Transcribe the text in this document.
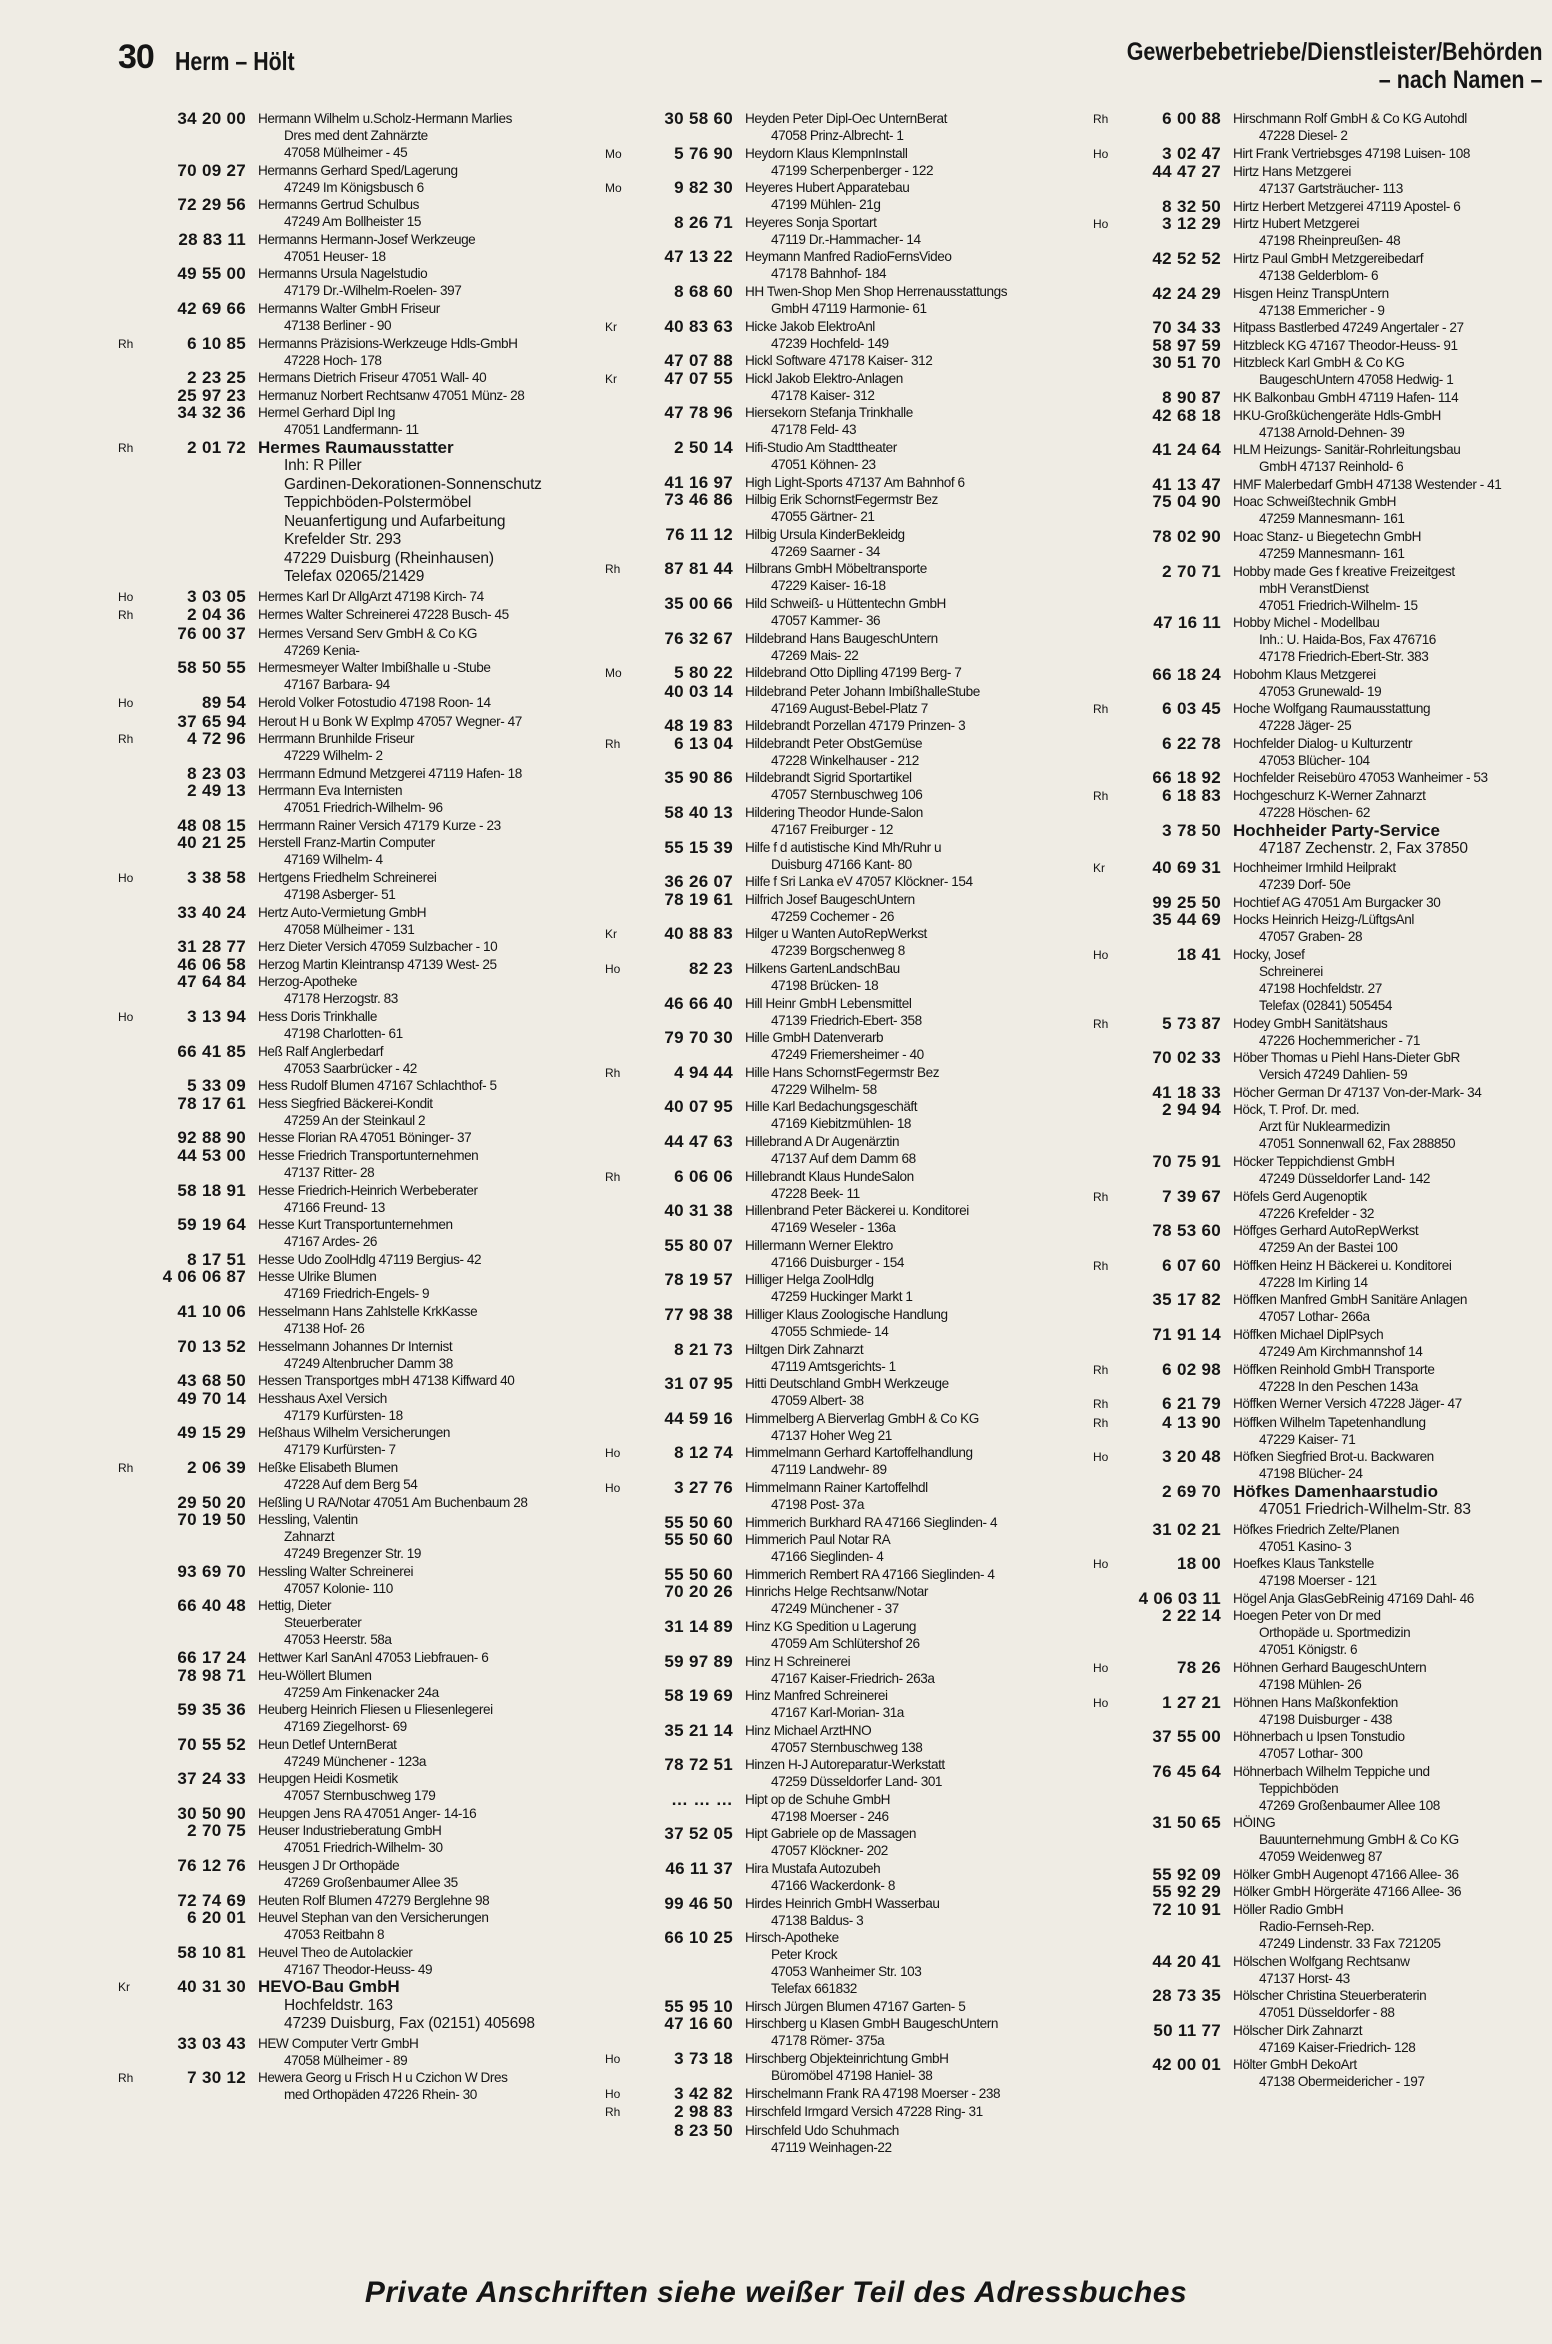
30 Herm – Hölt	Gewerbebetriebe/Dienstleister/Behörden
– nach Namen –
34 20 00 Hermann Wilhelm u.Scholz-Hermann Marlies
Dres med dent Zahnärzte
47058 Mülheimer - 45
70 09 27 Hermanns Gerhard Sped/Lagerung
47249 Im Königsbusch 6
72 29 56 Hermanns Gertrud Schulbus
47249 Am Bollheister 15
28 83 11 Hermanns Hermann-Josef Werkzeuge
47051 Heuser- 18
49 55 00 Hermanns Ursula Nagelstudio
47179 Dr.-Wilhelm-Roelen- 397
42 69 66 Hermanns Walter GmbH Friseur
47138 Berliner - 90
Rh	6 10 85 Hermanns Präzisions-Werkzeuge Hdls-GmbH
47228 Hoch- 178
2 23 25 Hermans Dietrich Friseur 47051 Wall- 40
25 97 23 Hermanuz Norbert Rechtsanw 47051 Münz- 28
34 32 36 Hermel Gerhard Dipl Ing
47051 Landfermann- 11
Rh	2 01 72 Hermes Raumausstatter
Inh: R Piller
Gardinen-Dekorationen-Sonnenschutz
Teppichböden-Polstermöbel
Neuanfertigung und Aufarbeitung
Krefelder Str. 293
47229 Duisburg (Rheinhausen)
Telefax 02065/21429
Ho	3 03 05 Hermes Karl Dr AllgArzt 47198 Kirch- 74
Rh	2 04 36 Hermes Walter Schreinerei 47228 Busch- 45
76 00 37 Hermes Versand Serv GmbH & Co KG
47269 Kenia-
58 50 55 Hermesmeyer Walter Imbißhalle u -Stube
47167 Barbara- 94
Ho	89 54 Herold Volker Fotostudio 47198 Roon- 14
37 65 94 Herout H u Bonk W Explmp 47057 Wegner- 47
Rh	4 72 96 Herrmann Brunhilde Friseur
47229 Wilhelm- 2
8 23 03 Herrmann Edmund Metzgerei 47119 Hafen- 18
2 49 13 Herrmann Eva Internisten
47051 Friedrich-Wilhelm- 96
48 08 15 Herrmann Rainer Versich 47179 Kurze - 23
40 21 25 Herstell Franz-Martin Computer
47169 Wilhelm- 4
Ho	3 38 58 Hertgens Friedhelm Schreinerei
47198 Asberger- 51
33 40 24 Hertz Auto-Vermietung GmbH
47058 Mülheimer - 131
31 28 77 Herz Dieter Versich 47059 Sulzbacher - 10
46 06 58 Herzog Martin Kleintransp 47139 West- 25
47 64 84 Herzog-Apotheke
47178 Herzogstr. 83
Ho	3 13 94 Hess Doris Trinkhalle
47198 Charlotten- 61
66 41 85 Heß Ralf Anglerbedarf
47053 Saarbrücker - 42
5 33 09 Hess Rudolf Blumen 47167 Schlachthof- 5
78 17 61 Hess Siegfried Bäckerei-Kondit
47259 An der Steinkaul 2
92 88 90 Hesse Florian RA 47051 Böninger- 37
44 53 00 Hesse Friedrich Transportunternehmen
47137 Ritter- 28
58 18 91 Hesse Friedrich-Heinrich Werbeberater
47166 Freund- 13
59 19 64 Hesse Kurt Transportunternehmen
47167 Ardes- 26
8 17 51 Hesse Udo ZoolHdlg 47119 Bergius- 42
4 06 06 87 Hesse Ulrike Blumen
47169 Friedrich-Engels- 9
41 10 06 Hesselmann Hans Zahlstelle KrkKasse
47138 Hof- 26
70 13 52 Hesselmann Johannes Dr Internist
47249 Altenbrucher Damm 38
43 68 50 Hessen Transportges mbH 47138 Kiffward 40
49 70 14 Hesshaus Axel Versich
47179 Kurfürsten- 18
49 15 29 Heßhaus Wilhelm Versicherungen
47179 Kurfürsten- 7
Rh	2 06 39 Heßke Elisabeth Blumen
47228 Auf dem Berg 54
29 50 20 Heßling U RA/Notar 47051 Am Buchenbaum 28
70 19 50 Hessling, Valentin
Zahnarzt
47249 Bregenzer Str. 19
93 69 70 Hessling Walter Schreinerei
47057 Kolonie- 110
66 40 48 Hettig, Dieter
Steuerberater
47053 Heerstr. 58a
66 17 24 Hettwer Karl SanAnl 47053 Liebfrauen- 6
78 98 71 Heu-Wöllert Blumen
47259 Am Finkenacker 24a
59 35 36 Heuberg Heinrich Fliesen u Fliesenlegerei
47169 Ziegelhorst- 69
70 55 52 Heun Detlef UnternBerat
47249 Münchener - 123a
37 24 33 Heupgen Heidi Kosmetik
47057 Sternbuschweg 179
30 50 90 Heupgen Jens RA 47051 Anger- 14-16
2 70 75 Heuser Industrieberatung GmbH
47051 Friedrich-Wilhelm- 30
76 12 76 Heusgen J Dr Orthopäde
47269 Großenbaumer Allee 35
72 74 69 Heuten Rolf Blumen 47279 Berglehne 98
6 20 01 Heuvel Stephan van den Versicherungen
47053 Reitbahn 8
58 10 81 Heuvel Theo de Autolackier
47167 Theodor-Heuss- 49
Kr	40 31 30 HEVO-Bau GmbH
Hochfeldstr. 163
47239 Duisburg, Fax (02151) 405698
33 03 43 HEW Computer Vertr GmbH
47058 Mülheimer - 89
Rh	7 30 12 Hewera Georg u Frisch H u Czichon W Dres
med Orthopäden 47226 Rhein- 30
30 58 60 Heyden Peter Dipl-Oec UnternBerat
47058 Prinz-Albrecht- 1
Mo	5 76 90 Heydorn Klaus KlempnInstall
47199 Scherpenberger - 122
Mo	9 82 30 Heyeres Hubert Apparatebau
47199 Mühlen- 21g
8 26 71 Heyeres Sonja Sportart
47119 Dr.-Hammacher- 14
47 13 22 Heymann Manfred RadioFernsVideo
47178 Bahnhof- 184
8 68 60 HH Twen-Shop Men Shop Herrenausstattungs
GmbH 47119 Harmonie- 61
Kr	40 83 63 Hicke Jakob ElektroAnl
47239 Hochfeld- 149
47 07 88 Hickl Software 47178 Kaiser- 312
Kr	47 07 55 Hickl Jakob Elektro-Anlagen
47178 Kaiser- 312
47 78 96 Hiersekorn Stefanja Trinkhalle
47178 Feld- 43
2 50 14 Hifi-Studio Am Stadttheater
47051 Köhnen- 23
41 16 97 High Light-Sports 47137 Am Bahnhof 6
73 46 86 Hilbig Erik SchornstFegermstr Bez
47055 Gärtner- 21
76 11 12 Hilbig Ursula KinderBekleidg
47269 Saarner - 34
Rh	87 81 44 Hilbrans GmbH Möbeltransporte
47229 Kaiser- 16-18
35 00 66 Hild Schweiß- u Hüttentechn GmbH
47057 Kammer- 36
76 32 67 Hildebrand Hans BaugeschUntern
47269 Mais- 22
Mo	5 80 22 Hildebrand Otto Diplling 47199 Berg- 7
40 03 14 Hildebrand Peter Johann ImbißhalleStube
47169 August-Bebel-Platz 7
48 19 83 Hildebrandt Porzellan 47179 Prinzen- 3
Rh	6 13 04 Hildebrandt Peter ObstGemüse
47228 Winkelhauser - 212
35 90 86 Hildebrandt Sigrid Sportartikel
47057 Sternbuschweg 106
58 40 13 Hildering Theodor Hunde-Salon
47167 Freiburger - 12
55 15 39 Hilfe f d autistische Kind Mh/Ruhr u
Duisburg 47166 Kant- 80
36 26 07 Hilfe f Sri Lanka eV 47057 Klöckner- 154
78 19 61 Hilfrich Josef BaugeschUntern
47259 Cochemer - 26
Kr	40 88 83 Hilger u Wanten AutoRepWerkst
47239 Borgschenweg 8
Ho	82 23 Hilkens GartenLandschBau
47198 Brücken- 18
46 66 40 Hill Heinr GmbH Lebensmittel
47139 Friedrich-Ebert- 358
79 70 30 Hille GmbH Datenverarb
47249 Friemersheimer - 40
Rh	4 94 44 Hille Hans SchornstFegermstr Bez
47229 Wilhelm- 58
40 07 95 Hille Karl Bedachungsgeschäft
47169 Kiebitzmühlen- 18
44 47 63 Hillebrand A Dr Augenärztin
47137 Auf dem Damm 68
Rh	6 06 06 Hillebrandt Klaus HundeSalon
47228 Beek- 11
40 31 38 Hillenbrand Peter Bäckerei u. Konditorei
47169 Weseler - 136a
55 80 07 Hillermann Werner Elektro
47166 Duisburger - 154
78 19 57 Hilliger Helga ZoolHdlg
47259 Huckinger Markt 1
77 98 38 Hilliger Klaus Zoologische Handlung
47055 Schmiede- 14
8 21 73 Hiltgen Dirk Zahnarzt
47119 Amtsgerichts- 1
31 07 95 Hitti Deutschland GmbH Werkzeuge
47059 Albert- 38
44 59 16 Himmelberg A Bierverlag GmbH & Co KG
47137 Hoher Weg 21
Ho	8 12 74 Himmelmann Gerhard Kartoffelhandlung
47119 Landwehr- 89
Ho	3 27 76 Himmelmann Rainer Kartoffelhdl
47198 Post- 37a
55 50 60 Himmerich Burkhard RA 47166 Sieglinden- 4
55 50 60 Himmerich Paul Notar RA
47166 Sieglinden- 4
55 50 60 Himmerich Rembert RA 47166 Sieglinden- 4
70 20 26 Hinrichs Helge Rechtsanw/Notar
47249 Münchener - 37
31 14 89 Hinz KG Spedition u Lagerung
47059 Am Schlütershof 26
59 97 89 Hinz H Schreinerei
47167 Kaiser-Friedrich- 263a
58 19 69 Hinz Manfred Schreinerei
47167 Karl-Morian- 31a
35 21 14 Hinz Michael ArztHNO
47057 Sternbuschweg 138
78 72 51 Hinzen H-J Autoreparatur-Werkstatt
47259 Düsseldorfer Land- 301
… … … Hipt op de Schuhe GmbH
47198 Moerser - 246
37 52 05 Hipt Gabriele op de Massagen
47057 Klöckner- 202
46 11 37 Hira Mustafa Autozubeh
47166 Wackerdonk- 8
99 46 50 Hirdes Heinrich GmbH Wasserbau
47138 Baldus- 3
66 10 25 Hirsch-Apotheke
Peter Krock
47053 Wanheimer Str. 103
Telefax 661832
55 95 10 Hirsch Jürgen Blumen 47167 Garten- 5
47 16 60 Hirschberg u Klasen GmbH BaugeschUntern
47178 Römer- 375a
Ho	3 73 18 Hirschberg Objekteinrichtung GmbH
Büromöbel 47198 Haniel- 38
Ho	3 42 82 Hirschelmann Frank RA 47198 Moerser - 238
Rh	2 98 83 Hirschfeld Irmgard Versich 47228 Ring- 31
8 23 50 Hirschfeld Udo Schuhmach
47119 Weinhagen-22
Rh	6 00 88 Hirschmann Rolf GmbH & Co KG Autohdl
47228 Diesel- 2
Ho	3 02 47 Hirt Frank Vertriebsges 47198 Luisen- 108
44 47 27 Hirtz Hans Metzgerei
47137 Gartsträucher- 113
8 32 50 Hirtz Herbert Metzgerei 47119 Apostel- 6
Ho	3 12 29 Hirtz Hubert Metzgerei
47198 Rheinpreußen- 48
42 52 52 Hirtz Paul GmbH Metzgereibedarf
47138 Gelderblom- 6
42 24 29 Hisgen Heinz TranspUntern
47138 Emmericher - 9
70 34 33 Hitpass Bastlerbed 47249 Angertaler - 27
58 97 59 Hitzbleck KG 47167 Theodor-Heuss- 91
30 51 70 Hitzbleck Karl GmbH & Co KG
BaugeschUntern 47058 Hedwig- 1
8 90 87 HK Balkonbau GmbH 47119 Hafen- 114
42 68 18 HKU-Großküchengeräte Hdls-GmbH
47138 Arnold-Dehnen- 39
41 24 64 HLM Heizungs- Sanitär-Rohrleitungsbau
GmbH 47137 Reinhold- 6
41 13 47 HMF Malerbedarf GmbH 47138 Westender - 41
75 04 90 Hoac Schweißtechnik GmbH
47259 Mannesmann- 161
78 02 90 Hoac Stanz- u Biegetechn GmbH
47259 Mannesmann- 161
2 70 71 Hobby made Ges f kreative Freizeitgest
mbH VeranstDienst
47051 Friedrich-Wilhelm- 15
47 16 11 Hobby Michel - Modellbau
Inh.: U. Haida-Bos, Fax 476716
47178 Friedrich-Ebert-Str. 383
66 18 24 Hobohm Klaus Metzgerei
47053 Grunewald- 19
Rh	6 03 45 Hoche Wolfgang Raumausstattung
47228 Jäger- 25
6 22 78 Hochfelder Dialog- u Kulturzentr
47053 Blücher- 104
66 18 92 Hochfelder Reisebüro 47053 Wanheimer - 53
Rh	6 18 83 Hochgeschurz K-Werner Zahnarzt
47228 Höschen- 62
3 78 50 Hochheider Party-Service
47187 Zechenstr. 2, Fax 37850
Kr	40 69 31 Hochheimer Irmhild Heilprakt
47239 Dorf- 50e
99 25 50 Hochtief AG 47051 Am Burgacker 30
35 44 69 Hocks Heinrich Heizg-/LüftgsAnl
47057 Graben- 28
Ho	18 41 Hocky, Josef
Schreinerei
47198 Hochfeldstr. 27
Telefax (02841) 505454
Rh	5 73 87 Hodey GmbH Sanitätshaus
47226 Hochemmericher - 71
70 02 33 Höber Thomas u Piehl Hans-Dieter GbR
Versich 47249 Dahlien- 59
41 18 33 Höcher German Dr 47137 Von-der-Mark- 34
2 94 94 Höck, T. Prof. Dr. med.
Arzt für Nuklearmedizin
47051 Sonnenwall 62, Fax 288850
70 75 91 Höcker Teppichdienst GmbH
47249 Düsseldorfer Land- 142
Rh	7 39 67 Höfels Gerd Augenoptik
47226 Krefelder - 32
78 53 60 Höffges Gerhard AutoRepWerkst
47259 An der Bastei 100
Rh	6 07 60 Höffken Heinz H Bäckerei u. Konditorei
47228 Im Kirling 14
35 17 82 Höffken Manfred GmbH Sanitäre Anlagen
47057 Lothar- 266a
71 91 14 Höffken Michael DiplPsych
47249 Am Kirchmannshof 14
Rh	6 02 98 Höffken Reinhold GmbH Transporte
47228 In den Peschen 143a
Rh	6 21 79 Höffken Werner Versich 47228 Jäger- 47
Rh	4 13 90 Höffken Wilhelm Tapetenhandlung
47229 Kaiser- 71
Ho	3 20 48 Höfken Siegfried Brot-u. Backwaren
47198 Blücher- 24
2 69 70 Höfkes Damenhaarstudio
47051 Friedrich-Wilhelm-Str. 83
31 02 21 Höfkes Friedrich Zelte/Planen
47051 Kasino- 3
Ho	18 00 Hoefkes Klaus Tankstelle
47198 Moerser - 121
4 06 03 11 Högel Anja GlasGebReinig 47169 Dahl- 46
2 22 14 Hoegen Peter von Dr med
Orthopäde u. Sportmedizin
47051 Königstr. 6
Ho	78 26 Höhnen Gerhard BaugeschUntern
47198 Mühlen- 26
Ho	1 27 21 Höhnen Hans Maßkonfektion
47198 Duisburger - 438
37 55 00 Höhnerbach u Ipsen Tonstudio
47057 Lothar- 300
76 45 64 Höhnerbach Wilhelm Teppiche und
Teppichböden
47269 Großenbaumer Allee 108
31 50 65 HÖING
Bauunternehmung GmbH & Co KG
47059 Weidenweg 87
55 92 09 Hölker GmbH Augenopt 47166 Allee- 36
55 92 29 Hölker GmbH Hörgeräte 47166 Allee- 36
72 10 91 Höller Radio GmbH
Radio-Fernseh-Rep.
47249 Lindenstr. 33 Fax 721205
44 20 41 Hölschen Wolfgang Rechtsanw
47137 Horst- 43
28 73 35 Hölscher Christina Steuerberaterin
47051 Düsseldorfer - 88
50 11 77 Hölscher Dirk Zahnarzt
47169 Kaiser-Friedrich- 128
42 00 01 Hölter GmbH DekoArt
47138 Obermeidericher - 197
Private Anschriften siehe weißer Teil des Adressbuches
